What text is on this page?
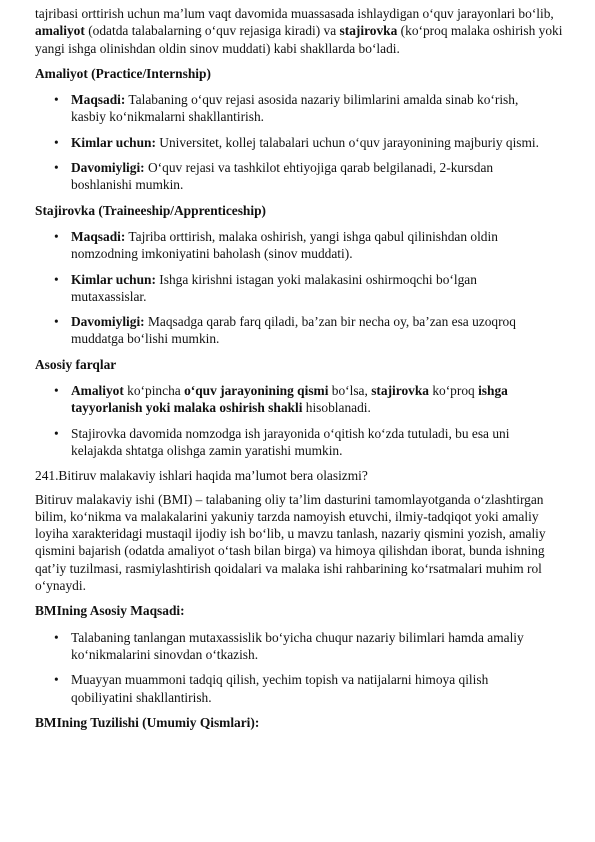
tajribasi orttirish uchun ma’lum vaqt davomida muassasada ishlaydigan o‘quv jarayonlari bo‘lib, amaliyot (odatda talabalarning o‘quv rejasiga kiradi) va stajirovka (ko‘proq malaka oshirish yoki yangi ishga olinishdan oldin sinov muddati) kabi shakllarda bo‘ladi.

Amaliyot (Practice/Internship)

• Maqsadi: Talabaning o‘quv rejasi asosida nazariy bilimlarini amalda sinab ko‘rish, kasbiy ko‘nikmalarni shakllantirish.
• Kimlar uchun: Universitet, kollej talabalari uchun o‘quv jarayonining majburiy qismi.
• Davomiyligi: O‘quv rejasi va tashkilot ehtiyojiga qarab belgilanadi, 2-kursdan boshlanishi mumkin.

Stajirovka (Traineeship/Apprenticeship)

• Maqsadi: Tajriba orttirish, malaka oshirish, yangi ishga qabul qilinishdan oldin nomzodning imkoniyatini baholash (sinov muddati).
• Kimlar uchun: Ishga kirishni istagan yoki malakasini oshirmoqchi bo‘lgan mutaxassislar.
• Davomiyligi: Maqsadga qarab farq qiladi, ba’zan bir necha oy, ba’zan esa uzoqroq muddatga bo‘lishi mumkin.

Asosiy farqlar

• Amaliyot ko‘pincha o‘quv jarayonining qismi bo‘lsa, stajirovka ko‘proq ishga tayyorlanish yoki malaka oshirish shakli hisoblanadi.
• Stajirovka davomida nomzodga ish jarayonida o‘qitish ko‘zda tutuladi, bu esa uni kelajakda shtatga olishga zamin yaratishi mumkin.

241.Bitiruv malakaviy ishlari haqida ma’lumot bera olasizmi?

Bitiruv malakaviy ishi (BMI) – talabaning oliy ta’lim dasturini tamomlayotganda o‘zlashtirgan bilim, ko‘nikma va malakalarini yakuniy tarzda namoyish etuvchi, ilmiy-tadqiqot yoki amaliy loyiha xarakteridagi mustaqil ijodiy ish bo‘lib, u mavzu tanlash, nazariy qismini yozish, amaliy qismini bajarish (odatda amaliyot o‘tash bilan birga) va himoya qilishdan iborat, bunda ishning qat’iy tuzilmasi, rasmiylashtirish qoidalari va malaka ishi rahbarining ko‘rsatmalari muhim rol o‘ynaydi.

BMIning Asosiy Maqsadi:

• Talabaning tanlangan mutaxassislik bo‘yicha chuqur nazariy bilimlari hamda amaliy ko‘nikmalarini sinovdan o‘tkazish.
• Muayyan muammoni tadqiq qilish, yechim topish va natijalarni himoya qilish qobiliyatini shakllantirish.

BMIning Tuzilishi (Umumiy Qismlari):
